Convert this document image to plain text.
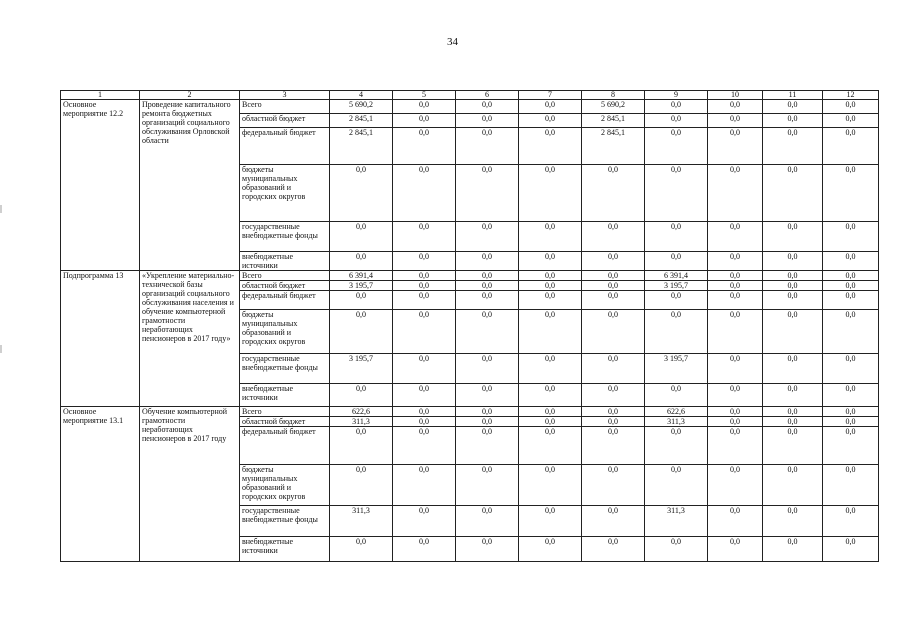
34
1	2	3	4	5	6	7	8	9	10	11	12
Основное мероприятие 12.2	Проведение капитального ремонта бюджетных организаций социального обслуживания Орловской области	Всего	5 690,2	0,0	0,0	0,0	5 690,2	0,0	0,0	0,0	0,0
		областной бюджет	2 845,1	0,0	0,0	0,0	2 845,1	0,0	0,0	0,0	0,0
		федеральный бюджет	2 845,1	0,0	0,0	0,0	2 845,1	0,0	0,0	0,0	0,0
		бюджеты муниципальных образований и городских округов	0,0	0,0	0,0	0,0	0,0	0,0	0,0	0,0	0,0
		государственные внебюджетные фонды	0,0	0,0	0,0	0,0	0,0	0,0	0,0	0,0	0,0
		внебюджетные источники	0,0	0,0	0,0	0,0	0,0	0,0	0,0	0,0	0,0
Подпрограмма 13	«Укрепление материально-технической базы организаций социального обслуживания населения и обучение компьютерной грамотности неработающих пенсионеров в 2017 году»	Всего	6 391,4	0,0	0,0	0,0	0,0	6 391,4	0,0	0,0	0,0
		областной бюджет	3 195,7	0,0	0,0	0,0	0,0	3 195,7	0,0	0,0	0,0
		федеральный бюджет	0,0	0,0	0,0	0,0	0,0	0,0	0,0	0,0	0,0
		бюджеты муниципальных образований и городских округов	0,0	0,0	0,0	0,0	0,0	0,0	0,0	0,0	0,0
		государственные внебюджетные фонды	3 195,7	0,0	0,0	0,0	0,0	3 195,7	0,0	0,0	0,0
		внебюджетные источники	0,0	0,0	0,0	0,0	0,0	0,0	0,0	0,0	0,0
Основное мероприятие 13.1	Обучение компьютерной грамотности неработающих пенсионеров в 2017 году	Всего	622,6	0,0	0,0	0,0	0,0	622,6	0,0	0,0	0,0
		областной бюджет	311,3	0,0	0,0	0,0	0,0	311,3	0,0	0,0	0,0
		федеральный бюджет	0,0	0,0	0,0	0,0	0,0	0,0	0,0	0,0	0,0
		бюджеты муниципальных образований и городских округов	0,0	0,0	0,0	0,0	0,0	0,0	0,0	0,0	0,0
		государственные внебюджетные фонды	311,3	0,0	0,0	0,0	0,0	311,3	0,0	0,0	0,0
		внебюджетные источники	0,0	0,0	0,0	0,0	0,0	0,0	0,0	0,0	0,0
